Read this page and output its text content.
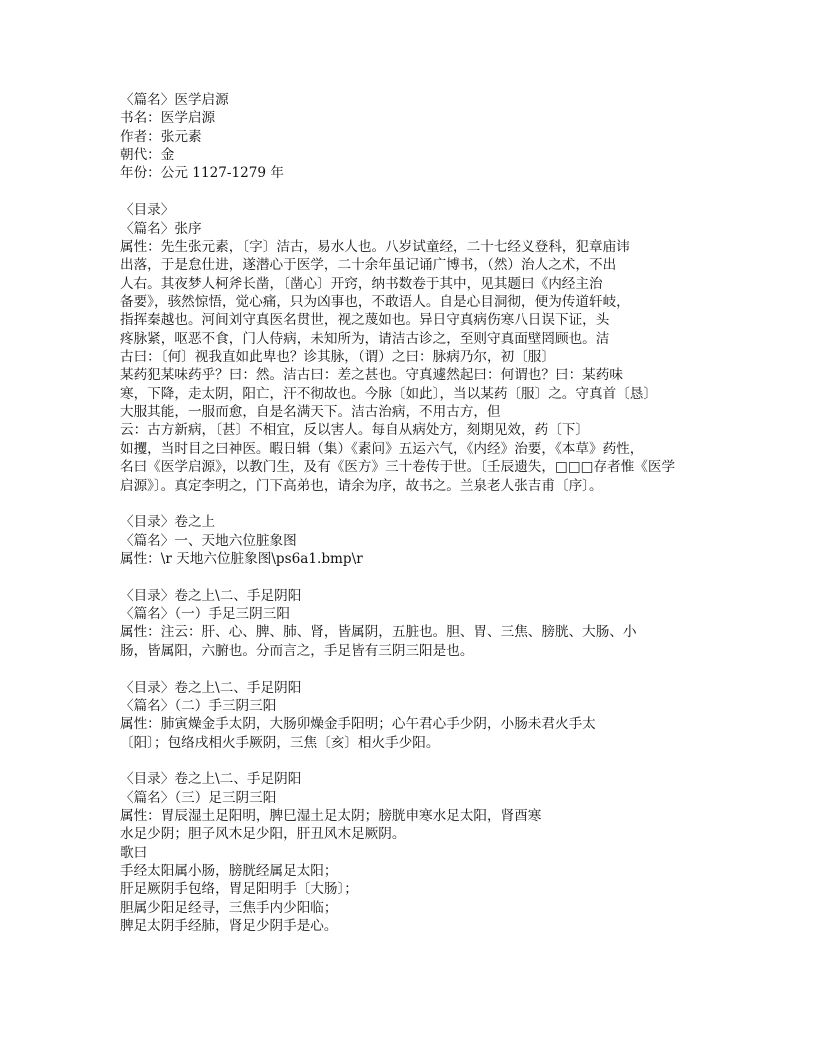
〈篇名〉医学启源
书名：医学启源
作者：张元素
朝代：金
年份：公元 1127-1279 年
〈目录〉
〈篇名〉张序
属性：先生张元素，〔字〕洁古，易水人也。八岁试童经，二十七经义登科，犯章庙讳
出落，于是怠仕进，遂潜心于医学，二十余年虽记诵广博书，（然）治人之术，不出
人右。其夜梦人柯斧长凿，〔凿心〕开窍，纳书数卷于其中，见其题曰《内经主治
备要》，骇然惊悟，觉心痛，只为凶事也，不敢语人。自是心目洞彻，便为传道轩岐，
指挥秦越也。河间刘守真医名贯世，视之蔑如也。异日守真病伤寒八日误下证，头
疼脉紧，呕恶不食，门人侍病，未知所为，请洁古诊之，至则守真面壁罔顾也。洁
古曰：〔何〕视我直如此卑也？诊其脉，（谓）之曰：脉病乃尔，初〔服〕
某药犯某味药乎？曰：然。洁古曰：差之甚也。守真遽然起曰：何谓也？曰：某药味
寒，下降，走太阴，阳亡，汗不彻故也。今脉〔如此〕，当以某药〔服〕之。守真首〔恳〕
大服其能，一服而愈，自是名满天下。洁古治病，不用古方，但
云：古方新病，〔甚〕不相宜，反以害人。每自从病处方，刻期见效，药〔下〕
如攫，当时目之曰神医。暇日辑（集）《素问》五运六气，《内经》治要，《本草》药性，
名曰《医学启源》，以教门生，及有《医方》三十卷传于世。〔壬辰遗失，□□□存者惟《医学
启源》〕。真定李明之，门下高弟也，请余为序，故书之。兰泉老人张吉甫〔序〕。
〈目录〉卷之上
〈篇名〉一、天地六位脏象图
属性：\r 天地六位脏象图\ps6a1.bmp\r
〈目录〉卷之上\二、手足阴阳
〈篇名〉（一）手足三阴三阳
属性：注云：肝、心、脾、肺、肾，皆属阴，五脏也。胆、胃、三焦、膀胱、大肠、小
肠，皆属阳，六腑也。分而言之，手足皆有三阴三阳是也。
〈目录〉卷之上\二、手足阴阳
〈篇名〉（二）手三阴三阳
属性：肺寅燥金手太阴，大肠卯燥金手阳明；心午君心手少阴，小肠未君火手太
〔阳〕；包络戌相火手厥阴，三焦〔亥〕相火手少阳。
〈目录〉卷之上\二、手足阴阳
〈篇名〉（三）足三阴三阳
属性：胃辰湿土足阳明，脾巳湿土足太阴；膀胱申寒水足太阳，肾酉寒
水足少阴；胆子风木足少阳，肝丑风木足厥阴。
歌曰
手经太阳属小肠，膀胱经属足太阳；
肝足厥阴手包络，胃足阳明手〔大肠〕；
胆属少阳足经寻，三焦手内少阳临；
脾足太阴手经肺，肾足少阴手是心。
